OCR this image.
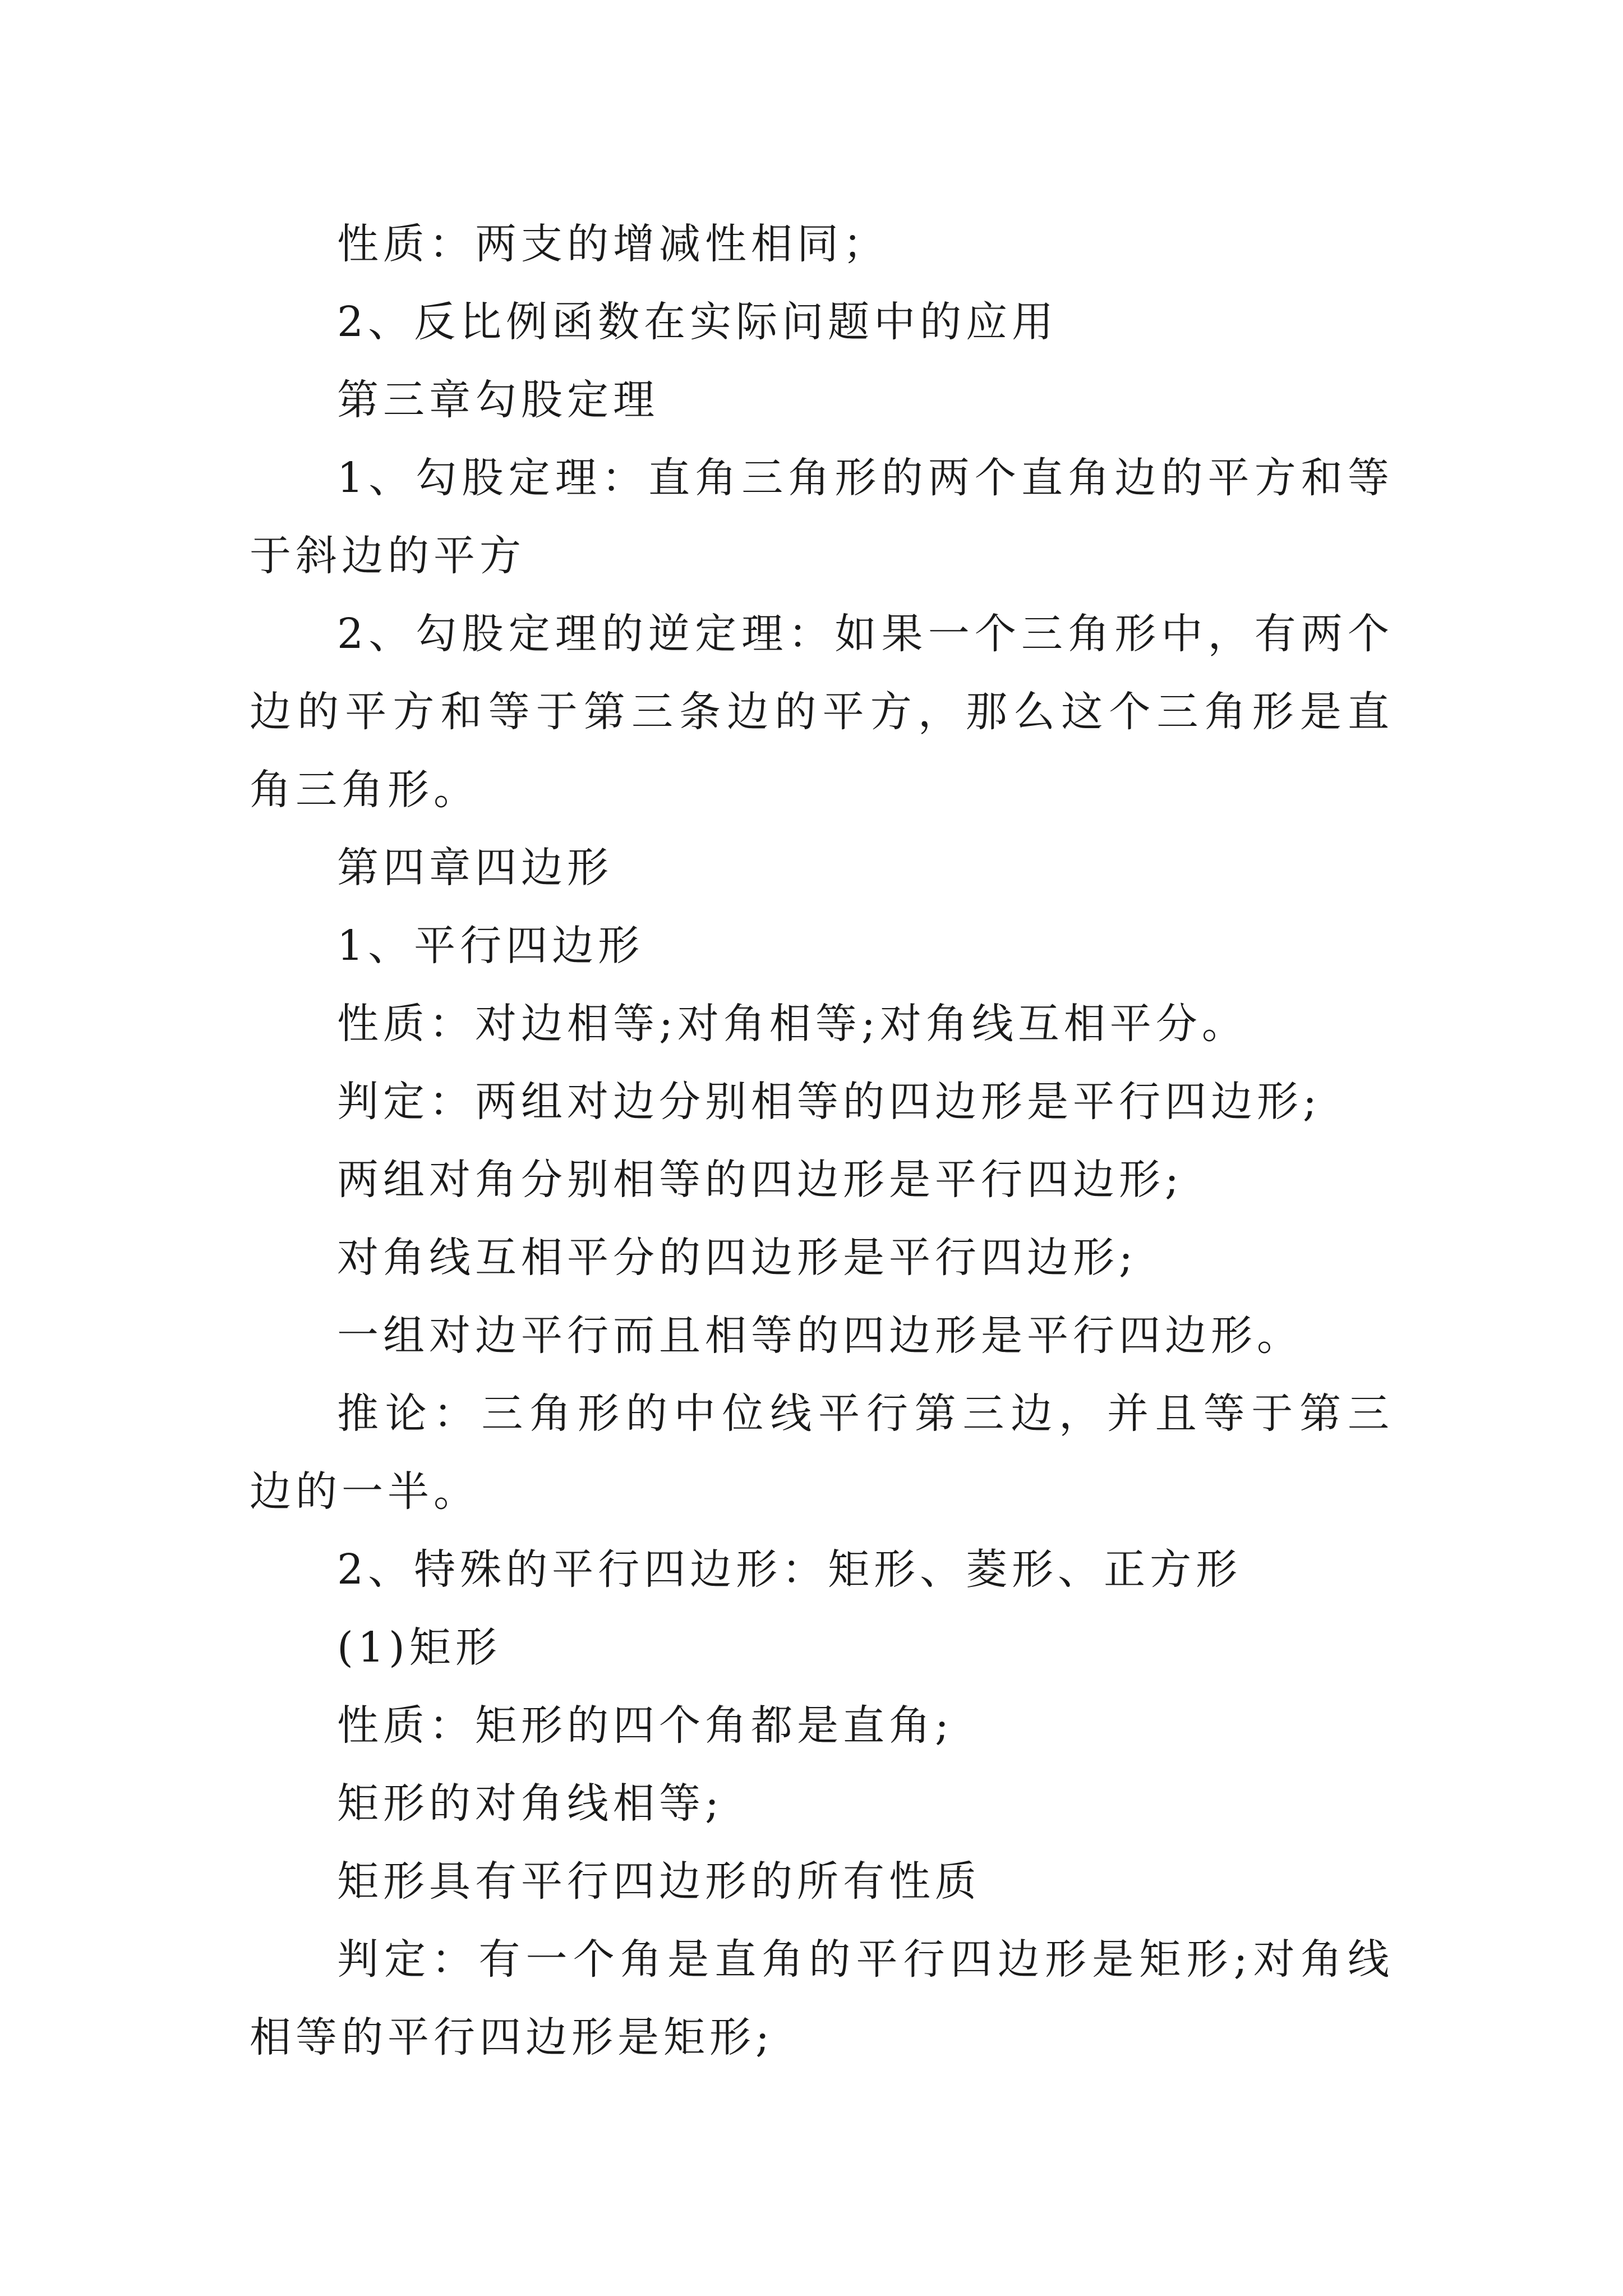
性质：两支的增减性相同；

2、反比例函数在实际问题中的应用

第三章勾股定理

1、勾股定理：直角三角形的两个直角边的平方和等于斜边的平方

2、勾股定理的逆定理：如果一个三角形中，有两个边的平方和等于第三条边的平方，那么这个三角形是直角三角形。

第四章四边形

1、平行四边形

性质：对边相等;对角相等;对角线互相平分。

判定：两组对边分别相等的四边形是平行四边形;

两组对角分别相等的四边形是平行四边形;

对角线互相平分的四边形是平行四边形;

一组对边平行而且相等的四边形是平行四边形。

推论：三角形的中位线平行第三边，并且等于第三边的一半。

2、特殊的平行四边形：矩形、菱形、正方形

(1)矩形

性质：矩形的四个角都是直角;

矩形的对角线相等;

矩形具有平行四边形的所有性质

判定：有一个角是直角的平行四边形是矩形;对角线相等的平行四边形是矩形;
